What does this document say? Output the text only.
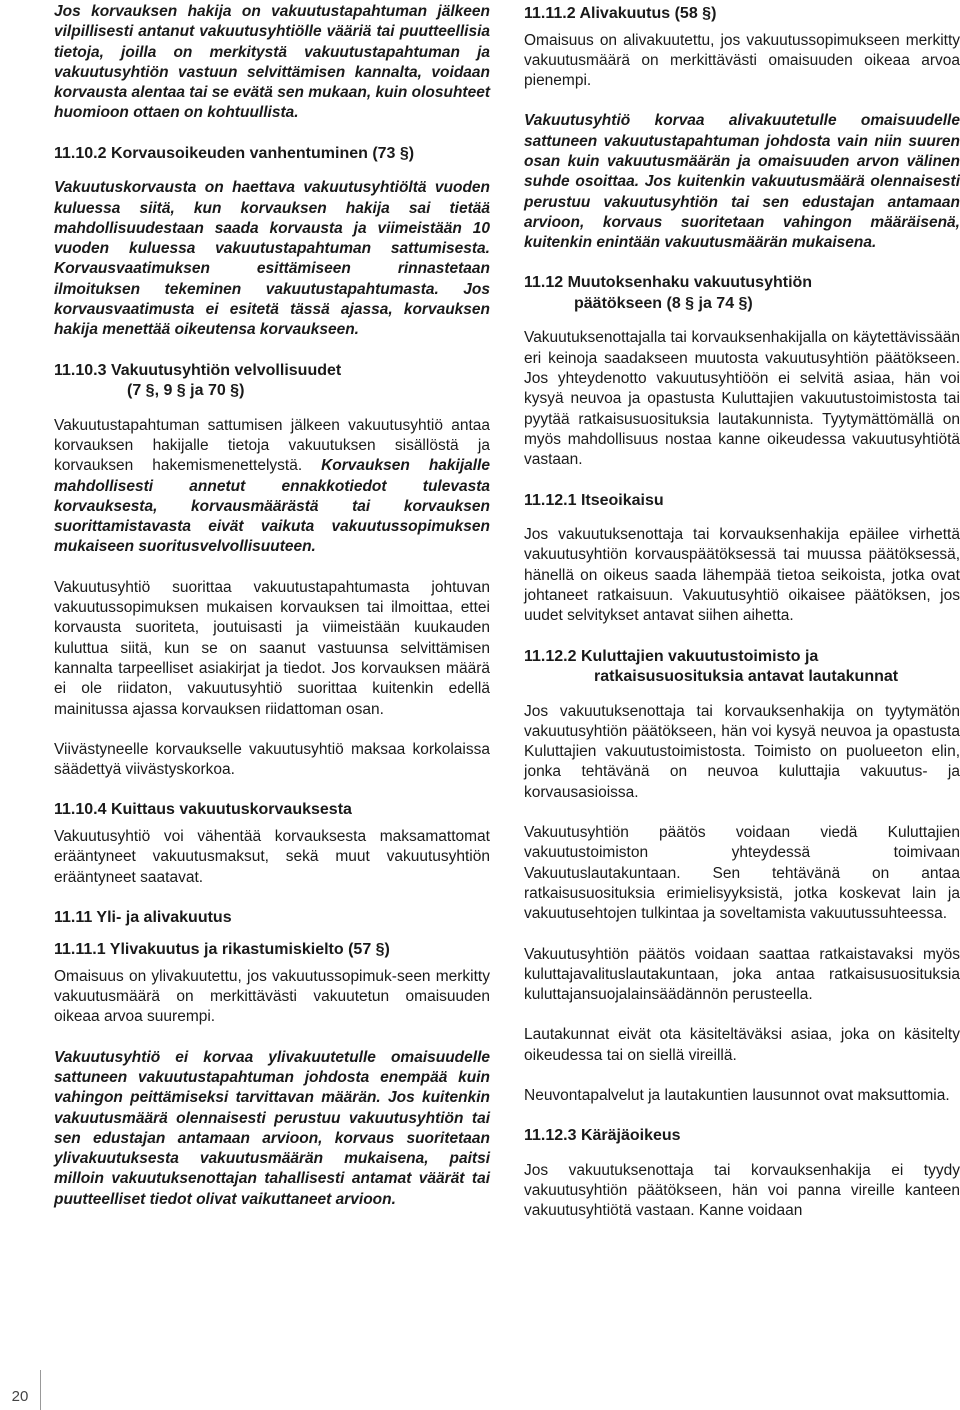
Jos korvauksen hakija on vakuutustapahtuman jälkeen vilpillisesti antanut vakuutusyhtiölle vääriä tai puutteellisia tietoja, joilla on merkitystä vakuutustapahtuman ja vakuutusyhtiön vastuun selvittämisen kannalta, voidaan korvausta alentaa tai se evätä sen mukaan, kuin olosuhteet huomioon ottaen on kohtuullista.

11.10.2 Korvausoikeuden vanhentuminen (73 §)

Vakuutuskorvausta on haettava vakuutusyhtiöltä vuoden kuluessa siitä, kun korvauksen hakija sai tietää mahdollisuudestaan saada korvausta ja viimeistään 10 vuoden kuluessa vakuutustapahtuman sattumisesta. Korvausvaatimuksen esittämiseen rinnastetaan ilmoituksen tekeminen vakuutustapahtumasta. Jos korvausvaatimusta ei esitetä tässä ajassa, korvauksen hakija menettää oikeutensa korvaukseen.

11.10.3 Vakuutusyhtiön velvollisuudet
(7 §, 9 § ja 70 §)

Vakuutustapahtuman sattumisen jälkeen vakuutusyhtiö antaa korvauksen hakijalle tietoja vakuutuksen sisällöstä ja korvauksen hakemismenettelystä. Korvauksen hakijalle mahdollisesti annetut ennakkotiedot tulevasta korvauksesta, korvausmäärästä tai korvauksen suorittamistavasta eivät vaikuta vakuutussopimuksen mukaiseen suoritusvelvollisuuteen.

Vakuutusyhtiö suorittaa vakuutustapahtumasta johtuvan vakuutussopimuksen mukaisen korvauksen tai ilmoittaa, ettei korvausta suoriteta, joutuisasti ja viimeistään kuukauden kuluttua siitä, kun se on saanut vastuunsa selvittämisen kannalta tarpeelliset asiakirjat ja tiedot. Jos korvauksen määrä ei ole riidaton, vakuutusyhtiö suorittaa kuitenkin edellä mainitussa ajassa korvauksen riidattoman osan.

Viivästyneelle korvaukselle vakuutusyhtiö maksaa korkolaissa säädettyä viivästyskorkoa.

11.10.4 Kuittaus vakuutuskorvauksesta

Vakuutusyhtiö voi vähentää korvauksesta maksamattomat erääntyneet vakuutusmaksut, sekä muut vakuutusyhtiön erääntyneet saatavat.

11.11 Yli- ja alivakuutus
11.11.1 Ylivakuutus ja rikastumiskielto (57 §)

Omaisuus on ylivakuutettu, jos vakuutussopimuk-seen merkitty vakuutusmäärä on merkittävästi vakuutetun omaisuuden oikeaa arvoa suurempi.

Vakuutusyhtiö ei korvaa ylivakuutetulle omaisuudelle sattuneen vakuutustapahtuman johdosta enempää kuin vahingon peittämiseksi tarvittavan määrän. Jos kuitenkin vakuutusmäärä olennaisesti perustuu vakuutusyhtiön tai sen edustajan antamaan arvioon, korvaus suoritetaan ylivakuutuksesta vakuutusmäärän mukaisena, paitsi milloin vakuutuksenottajan tahallisesti antamat väärät tai puutteelliset tiedot olivat vaikuttaneet arvioon.

11.11.2 Alivakuutus (58 §)

Omaisuus on alivakuutettu, jos vakuutussopimukseen merkitty vakuutusmäärä on merkittävästi omaisuuden oikeaa arvoa pienempi.

Vakuutusyhtiö korvaa alivakuutetulle omaisuudelle sattuneen vakuutustapahtuman johdosta vain niin suuren osan kuin vakuutusmäärän ja omaisuuden arvon välinen suhde osoittaa. Jos kuitenkin vakuutusmäärä olennaisesti perustuu vakuutusyhtiön tai sen edustajan antamaan arvioon, korvaus suoritetaan vahingon määräisenä, kuitenkin enintään vakuutusmäärän mukaisena.

11.12 Muutoksenhaku vakuutusyhtiön
päätökseen (8 § ja 74 §)

Vakuutuksenottajalla tai korvauksenhakijalla on käytettävissään eri keinoja saadakseen muutosta vakuutusyhtiön päätökseen. Jos yhteydenotto vakuutusyhtiöön ei selvitä asiaa, hän voi kysyä neuvoa ja opastusta Kuluttajien vakuutustoimistosta tai pyytää ratkaisusuosituksia lautakunnista. Tyytymättömällä on myös mahdollisuus nostaa kanne oikeudessa vakuutusyhtiötä vastaan.

11.12.1 Itseoikaisu

Jos vakuutuksenottaja tai korvauksenhakija epäilee virhettä vakuutusyhtiön korvauspäätöksessä tai muussa päätöksessä, hänellä on oikeus saada lähempää tietoa seikoista, jotka ovat johtaneet ratkaisuun. Vakuutusyhtiö oikaisee päätöksen, jos uudet selvitykset antavat siihen aihetta.

11.12.2 Kuluttajien vakuutustoimisto ja
ratkaisusuosituksia antavat lautakunnat

Jos vakuutuksenottaja tai korvauksenhakija on tyytymätön vakuutusyhtiön päätökseen, hän voi kysyä neuvoa ja opastusta Kuluttajien vakuutustoimistosta. Toimisto on puolueeton elin, jonka tehtävänä on neuvoa kuluttajia vakuutus- ja korvausasioissa.

Vakuutusyhtiön päätös voidaan viedä Kuluttajien vakuutustoimiston yhteydessä toimivaan Vakuutuslautakuntaan. Sen tehtävänä on antaa ratkaisusuosituksia erimielisyyksistä, jotka koskevat lain ja vakuutusehtojen tulkintaa ja soveltamista vakuutussuhteessa.

Vakuutusyhtiön päätös voidaan saattaa ratkaistavaksi myös kuluttajavalituslautakuntaan, joka antaa ratkaisusuosituksia kuluttajansuojalainsäädännön perusteella.

Lautakunnat eivät ota käsiteltäväksi asiaa, joka on käsitelty oikeudessa tai on siellä vireillä.

Neuvontapalvelut ja lautakuntien lausunnot ovat maksuttomia.

11.12.3 Käräjäoikeus

Jos vakuutuksenottaja tai korvauksenhakija ei tyydy vakuutusyhtiön päätökseen, hän voi panna vireille kanteen vakuutusyhtiötä vastaan. Kanne voidaan

20
